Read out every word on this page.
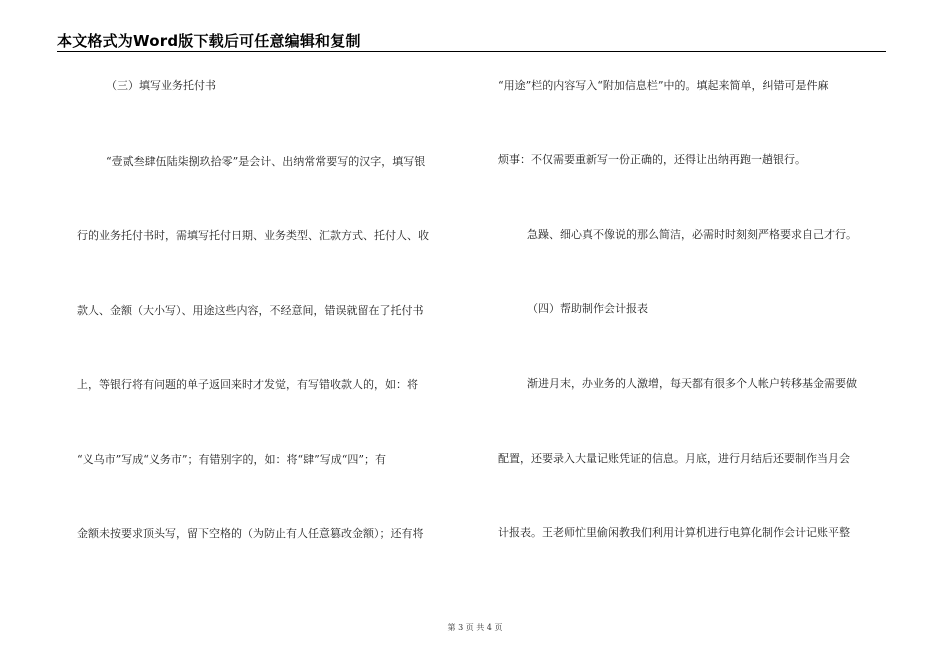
本文格式为Word版下载后可任意编辑和复制
（三）填写业务托付书
“壹贰叁肆伍陆柒捌玖拾零”是会计、出纳常常要写的汉字，填写银
行的业务托付书时，需填写托付日期、业务类型、汇款方式、托付人、收
款人、金额（大小写）、用途这些内容，不经意间，错误就留在了托付书
上，等银行将有问题的单子返回来时才发觉，有写错收款人的，如：将
“义乌市”写成“义务市”；有错别字的，如：将“肆”写成“四”；有
金额未按要求顶头写，留下空格的（为防止有人任意篡改金额）；还有将
“用途”栏的内容写入“附加信息栏”中的。填起来简单，纠错可是件麻
烦事：不仅需要重新写一份正确的，还得让出纳再跑一趟银行。
急躁、细心真不像说的那么简洁，必需时时刻刻严格要求自己才行。
（四）帮助制作会计报表
渐进月末，办业务的人激增，每天都有很多个人帐户转移基金需要做
配置，还要录入大量记账凭证的信息。月底，进行月结后还要制作当月会
计报表。王老师忙里偷闲教我们利用计算机进行电算化制作会计记账平整
第 3 页 共 4 页
